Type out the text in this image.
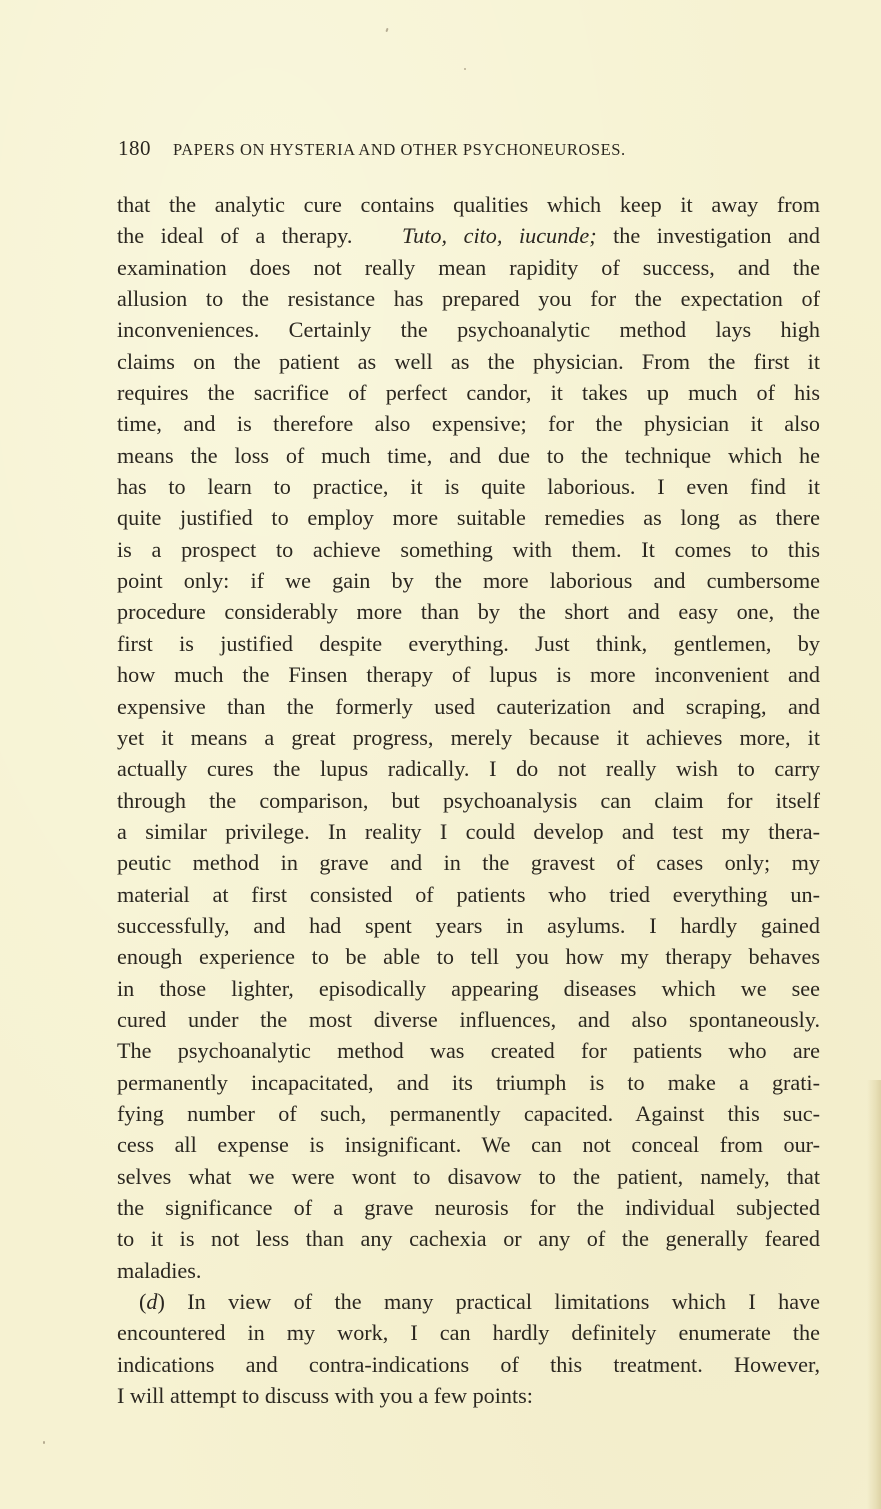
180 PAPERS ON HYSTERIA AND OTHER PSYCHONEUROSES.
that the analytic cure contains qualities which keep it away from
the ideal of a therapy. Tuto, cito, iucunde; the investigation and
examination does not really mean rapidity of success, and the
allusion to the resistance has prepared you for the expectation of
inconveniences. Certainly the psychoanalytic method lays high
claims on the patient as well as the physician. From the first it
requires the sacrifice of perfect candor, it takes up much of his
time, and is therefore also expensive; for the physician it also
means the loss of much time, and due to the technique which he
has to learn to practice, it is quite laborious. I even find it
quite justified to employ more suitable remedies as long as there
is a prospect to achieve something with them. It comes to this
point only: if we gain by the more laborious and cumbersome
procedure considerably more than by the short and easy one, the
first is justified despite everything. Just think, gentlemen, by
how much the Finsen therapy of lupus is more inconvenient and
expensive than the formerly used cauterization and scraping, and
yet it means a great progress, merely because it achieves more, it
actually cures the lupus radically. I do not really wish to carry
through the comparison, but psychoanalysis can claim for itself
a similar privilege. In reality I could develop and test my thera-
peutic method in grave and in the gravest of cases only; my
material at first consisted of patients who tried everything un-
successfully, and had spent years in asylums. I hardly gained
enough experience to be able to tell you how my therapy behaves
in those lighter, episodically appearing diseases which we see
cured under the most diverse influences, and also spontaneously.
The psychoanalytic method was created for patients who are
permanently incapacitated, and its triumph is to make a grati-
fying number of such, permanently capacited. Against this suc-
cess all expense is insignificant. We can not conceal from our-
selves what we were wont to disavow to the patient, namely, that
the significance of a grave neurosis for the individual subjected
to it is not less than any cachexia or any of the generally feared
maladies.
(d) In view of the many practical limitations which I have
encountered in my work, I can hardly definitely enumerate the
indications and contra-indications of this treatment. However,
I will attempt to discuss with you a few points:
